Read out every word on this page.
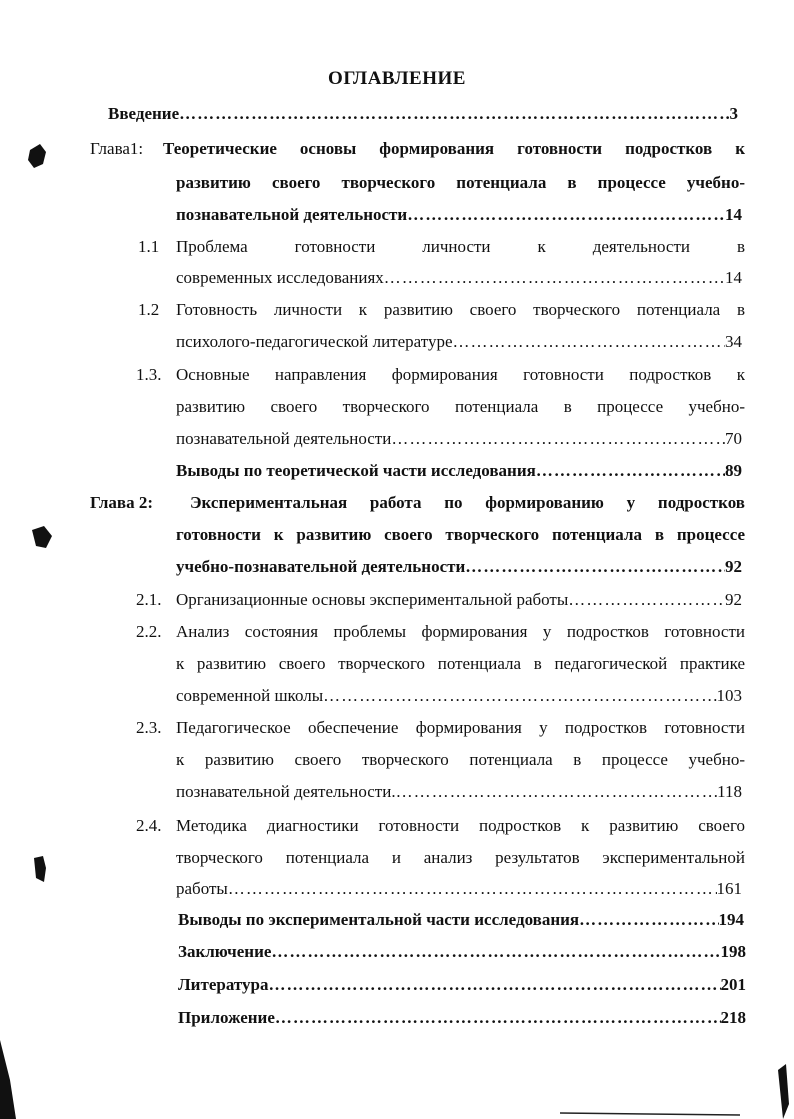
ОГЛАВЛЕНИЕ
Введение ……………………………………………………………………………………………………………………………………………………	3
Глава1: Теоретические основы формирования готовности подростков к
развитию своего творческого потенциала в процессе учебно-
познавательной деятельности ……………………………………………………………………………………………………………………………………………………	14
1.1 Проблема готовности личности к деятельности в
современных исследованиях ……………………………………………………………………………………………………………………………………………………	14
1.2 Готовность личности к развитию своего творческого потенциала в
психолого-педагогической литературе ……………………………………………………………………………………………………………………………………………………	34
1.3. Основные направления формирования готовности подростков к
развитию своего творческого потенциала в процессе учебно-
познавательной деятельности ……………………………………………………………………………………………………………………………………………………	70
Выводы по теоретической части исследования ……………………………………………………………………………………………………………………………………………………	89
Глава 2: Экспериментальная работа по формированию у подростков
готовности к развитию своего творческого потенциала в процессе
учебно-познавательной деятельности ……………………………………………………………………………………………………………………………………………………	92
2.1. Организационные основы экспериментальной работы ……………………………………………………………………………………………………………………………………………………	92
2.2. Анализ состояния проблемы формирования у подростков готовности
к развитию своего творческого потенциала в педагогической практике
современной школы ……………………………………………………………………………………………………………………………………………………	103
2.3. Педагогическое обеспечение формирования у подростков готовности
к развитию своего творческого потенциала в процессе учебно-
познавательной деятельности. ……………………………………………………………………………………………………………………………………………………	118
2.4. Методика диагностики готовности подростков к развитию своего
творческого потенциала и анализ результатов экспериментальной
работы ……………………………………………………………………………………………………………………………………………………	161
Выводы по экспериментальной части исследования ……………………………………………………………………………………………………………………………………………………	194
Заключение ……………………………………………………………………………………………………………………………………………………	198
Литература ……………………………………………………………………………………………………………………………………………………	201
Приложение ……………………………………………………………………………………………………………………………………………………	218
